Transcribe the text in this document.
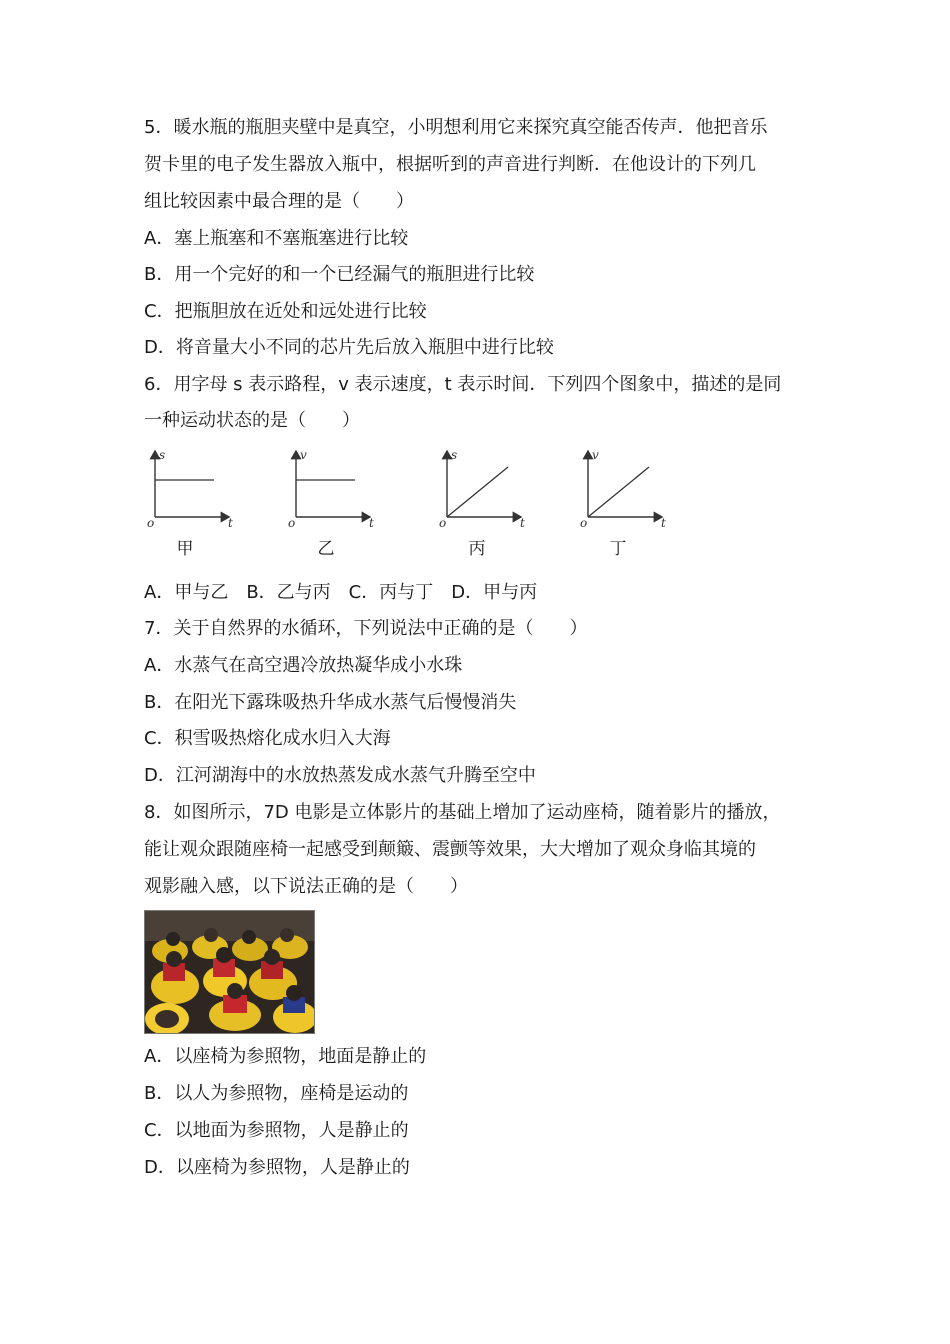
5．暖水瓶的瓶胆夹壁中是真空，小明想利用它来探究真空能否传声．他把音乐
贺卡里的电子发生器放入瓶中，根据听到的声音进行判断．在他设计的下列几
组比较因素中最合理的是（　　）
A．塞上瓶塞和不塞瓶塞进行比较
B．用一个完好的和一个已经漏气的瓶胆进行比较
C．把瓶胆放在近处和远处进行比较
D．将音量大小不同的芯片先后放入瓶胆中进行比较
6．用字母 s 表示路程，v 表示速度，t 表示时间．下列四个图象中，描述的是同
一种运动状态的是（　　）
s
t
o
甲
v
t
o
乙
s
t
o
丙
v
t
o
丁
A．甲与乙　B．乙与丙　C．丙与丁　D．甲与丙
7．关于自然界的水循环，下列说法中正确的是（　　）
A．水蒸气在高空遇冷放热凝华成小水珠
B．在阳光下露珠吸热升华成水蒸气后慢慢消失
C．积雪吸热熔化成水归入大海
D．江河湖海中的水放热蒸发成水蒸气升腾至空中
8．如图所示，7D 电影是立体影片的基础上增加了运动座椅，随着影片的播放，
能让观众跟随座椅一起感受到颠簸、震颤等效果，大大增加了观众身临其境的
观影融入感，以下说法正确的是（　　）
A．以座椅为参照物，地面是静止的
B．以人为参照物，座椅是运动的
C．以地面为参照物，人是静止的
D．以座椅为参照物，人是静止的
